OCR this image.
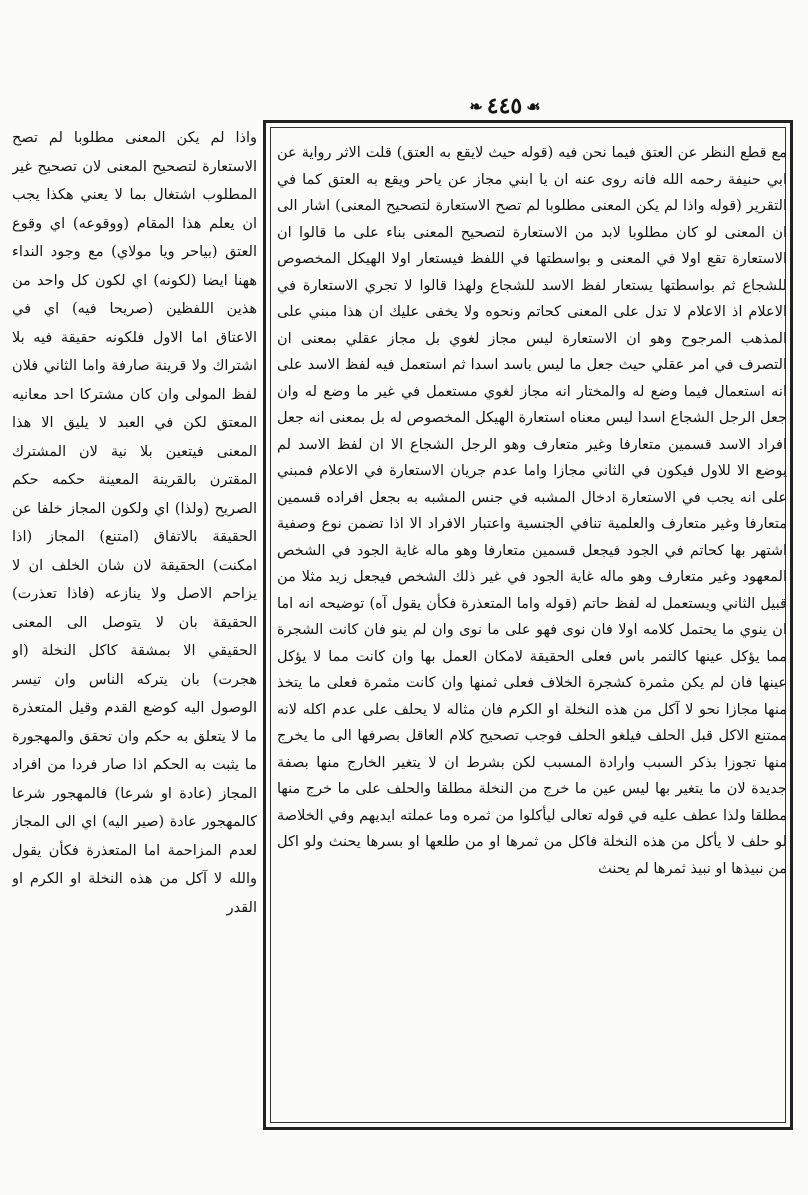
❧ ٤٤٥ ☙

مع قطع النظر عن العتق فيما نحن فيه (قوله حيث لايقع به العتق) قلت الاثر رواية عن ابي حنيفة رحمه الله فانه روى عنه ان يا ابني مجاز عن ياحر ويقع به العتق كما في التقرير (قوله واذا لم يكن المعنى مطلوبا لم تصح الاستعارة لتصحيح المعنى) اشار الى ان المعنى لو كان مطلوبا لابد من الاستعارة لتصحيح المعنى بناء على ما قالوا ان الاستعارة تقع اولا في المعنى و بواسطتها في اللفظ فيستعار اولا الهيكل المخصوص للشجاع ثم بواسطتها يستعار لفظ الاسد للشجاع ولهذا قالوا لا تجري الاستعارة في الاعلام اذ الاعلام لا تدل على المعنى كحاتم ونحوه ولا يخفى عليك ان هذا مبني على المذهب المرجوح وهو ان الاستعارة ليس مجاز لغوي بل مجاز عقلي بمعنى ان التصرف في امر عقلي حيث جعل ما ليس باسد اسدا ثم استعمل فيه لفظ الاسد على انه استعمال فيما وضع له والمختار انه مجاز لغوي مستعمل في غير ما وضع له وان جعل الرجل الشجاع اسدا ليس معناه استعارة الهيكل المخصوص له بل بمعنى انه جعل افراد الاسد قسمين متعارفا وغير متعارف وهو الرجل الشجاع الا ان لفظ الاسد لم يوضع الا للاول فيكون في الثاني مجازا واما عدم جريان الاستعارة في الاعلام فمبني على انه يجب في الاستعارة ادخال المشبه في جنس المشبه به بجعل افراده قسمين متعارفا وغير متعارف والعلمية تنافي الجنسية واعتبار الافراد الا اذا تضمن نوع وصفية اشتهر بها كحاتم في الجود فيجعل قسمين متعارفا وهو ماله غاية الجود في الشخص المعهود وغير متعارف وهو ماله غاية الجود في غير ذلك الشخص فيجعل زيد مثلا من قبيل الثاني ويستعمل له لفظ حاتم (قوله واما المتعذرة فكأن يقول آه) توضيحه انه اما ان ينوي ما يحتمل كلامه اولا فان نوى فهو على ما نوى وان لم ينو فان كانت الشجرة مما يؤكل عينها كالتمر باس فعلى الحقيقة لامكان العمل بها وان كانت مما لا يؤكل عينها فان لم يكن مثمرة كشجرة الخلاف فعلى ثمنها وان كانت مثمرة فعلى ما يتخذ منها مجازا نحو لا آكل من هذه النخلة او الكرم فان مثاله لا يحلف على عدم اكله لانه ممتنع الاكل قبل الحلف فيلغو الحلف فوجب تصحيح كلام العاقل بصرفها الى ما يخرج منها تجوزا بذكر السبب وارادة المسبب لكن بشرط ان لا يتغير الخارج منها بصفة جديدة لان ما يتغير بها ليس عين ما خرج من النخلة مطلقا والحلف على ما خرج منها مطلقا ولذا عطف عليه في قوله تعالى ليأكلوا من ثمره وما عملته ايديهم وفي الخلاصة لو حلف لا يأكل من هذه النخلة فاكل من ثمرها او من طلعها او بسرها يحنث ولو اكل من نبيذها او نبيذ ثمرها لم يحنث

واذا لم يكن المعنى مطلوبا لم تصح الاستعارة لتصحيح المعنى لان تصحيح غير المطلوب اشتغال بما لا يعني هكذا يجب ان يعلم هذا المقام (ووقوعه) اي وقوع العتق (بياحر ويا مولاي) مع وجود النداء ههنا ايضا (لكونه) اي لكون كل واحد من هذين اللفظين (صريحا فيه) اي في الاعتاق اما الاول فلكونه حقيقة فيه بلا اشتراك ولا قرينة صارفة واما الثاني فلان لفظ المولى وان كان مشتركا احد معانيه المعتق لكن في العبد لا يليق الا هذا المعنى فيتعين بلا نية لان المشترك المقترن بالقرينة المعينة حكمه حكم الصريح (ولذا) اي ولكون المجاز خلفا عن الحقيقة بالاتفاق (امتنع) المجاز (اذا امكنت) الحقيقة لان شان الخلف ان لا يزاحم الاصل ولا ينازعه (فاذا تعذرت) الحقيقة بان لا يتوصل الى المعنى الحقيقي الا بمشقة كاكل النخلة (او هجرت) بان يتركه الناس وان تيسر الوصول اليه كوضع القدم وقيل المتعذرة ما لا يتعلق به حكم وان تحقق والمهجورة ما يثبت به الحكم اذا صار فردا من افراد المجاز (عادة او شرعا) فالمهجور شرعا كالمهجور عادة (صير اليه) اي الى المجاز لعدم المزاحمة اما المتعذرة فكأن يقول والله لا آكل من هذه النخلة او الكرم او القدر
